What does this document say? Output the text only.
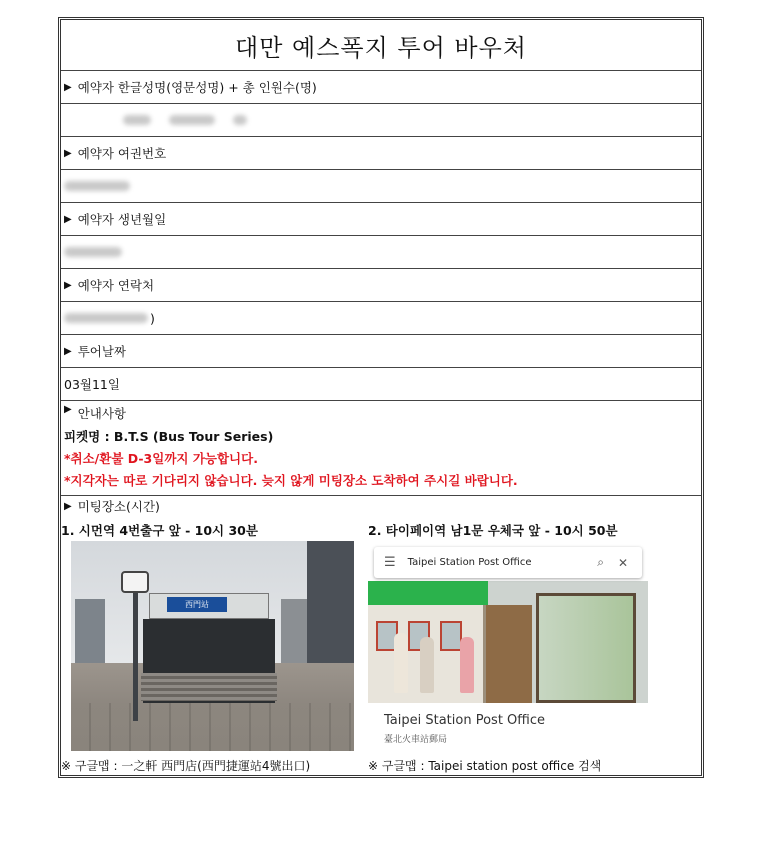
대만 예스폭지 투어 바우처
▶ 예약자 한글성명(영문성명) + 총 인원수(명)
▶ 예약자 여권번호
▶ 예약자 생년월일
▶ 예약자 연락처
)
▶ 투어날짜
03월11일
▶ 안내사항
피켓명 : B.T.S (Bus Tour Series)
*취소/환불 D-3일까지 가능합니다.
*지각자는 따로 기다리지 않습니다. 늦지 않게 미팅장소 도착하여 주시길 바랍니다.
▶ 미팅장소(시간)
1. 시먼역 4번출구 앞 - 10시 30분	2. 타이페이역 남1문 우체국 앞 - 10시 50분
西門站
※ 구글맵 : 一之軒 西門店(西門捷運站4號出口)
☰ Taipei Station Post Office	⌕ ✕
Taipei Station Post Office
臺北火車站郵局
※ 구글맵 : Taipei station post office 검색
